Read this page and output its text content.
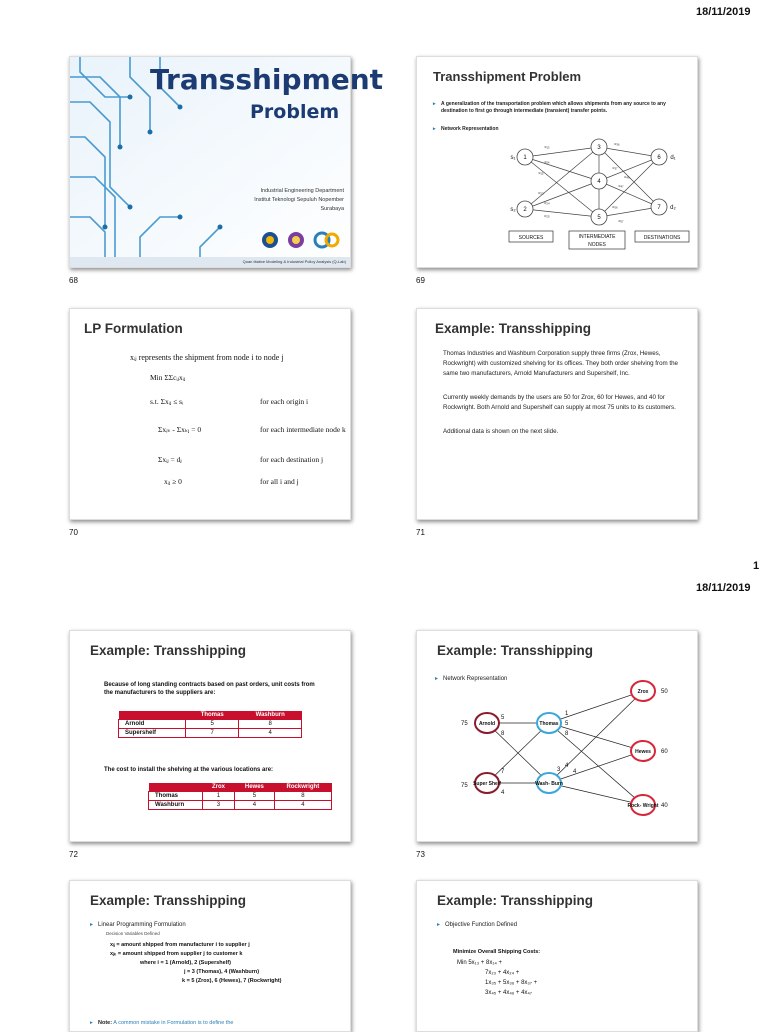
18/11/2019
1
18/11/2019
68	69
70	71
72	73
Transshipment
Problem
Industrial Engineering Department
Institut Teknologi Sepuluh Nopember
Surabaya
Quan titative Modeling & Industrial Policy Analysis (Q-Lab)
Transshipment Problem
▸ A generalization of the transportation problem which allows shipments from any source to any destination to first go through intermediate (transient) transfer points.
▸ Network Representation
1
2
3
4
5
6
7
s₁
s₂
d₁
d₂
c₁₃
c₁₄
c₁₅
c₂₃
c₂₄
c₂₅
c₃₆
c₃₇
c₄₆
c₄₇
c₅₆
c₅₇
SOURCES	INTERMEDIATE
NODES
DESTINATIONS
LP Formulation
xᵢⱼ represents the shipment from node i to node j
Min ΣΣcᵢⱼxᵢⱼ
s.t. Σxᵢⱼ ≤ sᵢ	for each origin i
Σxᵢₖ - Σxₖⱼ = 0	for each intermediate node k
Σxᵢⱼ = dⱼ	for each destination j
xᵢⱼ ≥ 0	for all i and j
Example: Transshipping
Thomas Industries and Washburn Corporation supply three firms (Zrox, Hewes, Rockwright) with customized shelving for its offices. They both order shelving from the same two manufacturers, Arnold Manufacturers and Supershelf, Inc.
Currently weekly demands by the users are 50 for Zrox, 60 for Hewes, and 40 for Rockwright. Both Arnold and Supershelf can supply at most 75 units to its customers.
Additional data is shown on the next slide.
Example: Transshipping
Because of long standing contracts based on past orders, unit costs from the manufacturers to the suppliers are:
	Thomas	Washburn
Arnold	5	8
Supershelf	7	4
The cost to install the shelving at the various locations are:
	Zrox	Hewes	Rockwright
Thomas	1	5	8
Washburn	3	4	4
Example: Transshipping
▸ Network Representation
Arnold
Super Shelf
Thomas
Wash- Burn
Zrox
Hewes
Rock- Wright
75
75
50
60
40
5
8
7
4
1
5
8
3
4
4
Example: Transshipping
▸ Linear Programming Formulation
Decision Variables Defined
xᵢⱼ = amount shipped from manufacturer i to supplier j
xⱼₖ = amount shipped from supplier j to customer k
where i = 1 (Arnold), 2 (Supershelf)
j = 3 (Thomas), 4 (Washburn)
k = 5 (Zrox), 6 (Hewes), 7 (Rockwright)
▸ Note: A common mistake in Formulation is to define the
Example: Transshipping
▸ Objective Function Defined
Minimize Overall Shipping Costs:
Min 5x₁₃ + 8x₁₄ +
7x₂₃ + 4x₂₄ +
1x₃₅ + 5x₃₆ + 8x₃₇ +
3x₄₅ + 4x₄₆ + 4x₄₇
